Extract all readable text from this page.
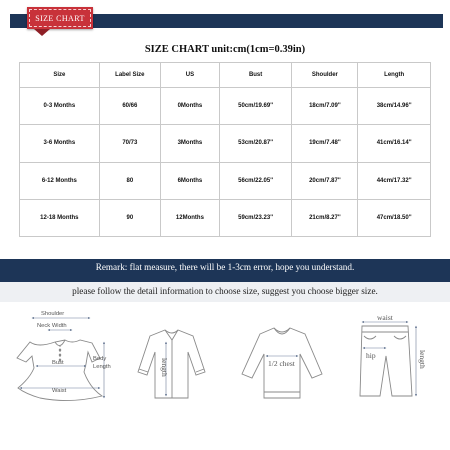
SIZE CHART
SIZE CHART unit:cm(1cm=0.39in)
Size	Label Size	US	Bust	Shoulder	Length
0-3 Months	60/66	0Months	50cm/19.69''	18cm/7.09''	38cm/14.96''
3-6 Months	70/73	3Months	53cm/20.87''	19cm/7.48''	41cm/16.14''
6-12 Months	80	6Months	56cm/22.05''	20cm/7.87''	44cm/17.32''
12-18 Months	90	12Months	59cm/23.23''	21cm/8.27''	47cm/18.50''
Remark: flat measure, there will be 1-3cm error, hope you understand.
please follow the detail information to choose size, suggest you choose bigger size.
Shoulder
Neck Width
Bust
Body
Length
Waist
length	1/2 chest
waist
hip	length
